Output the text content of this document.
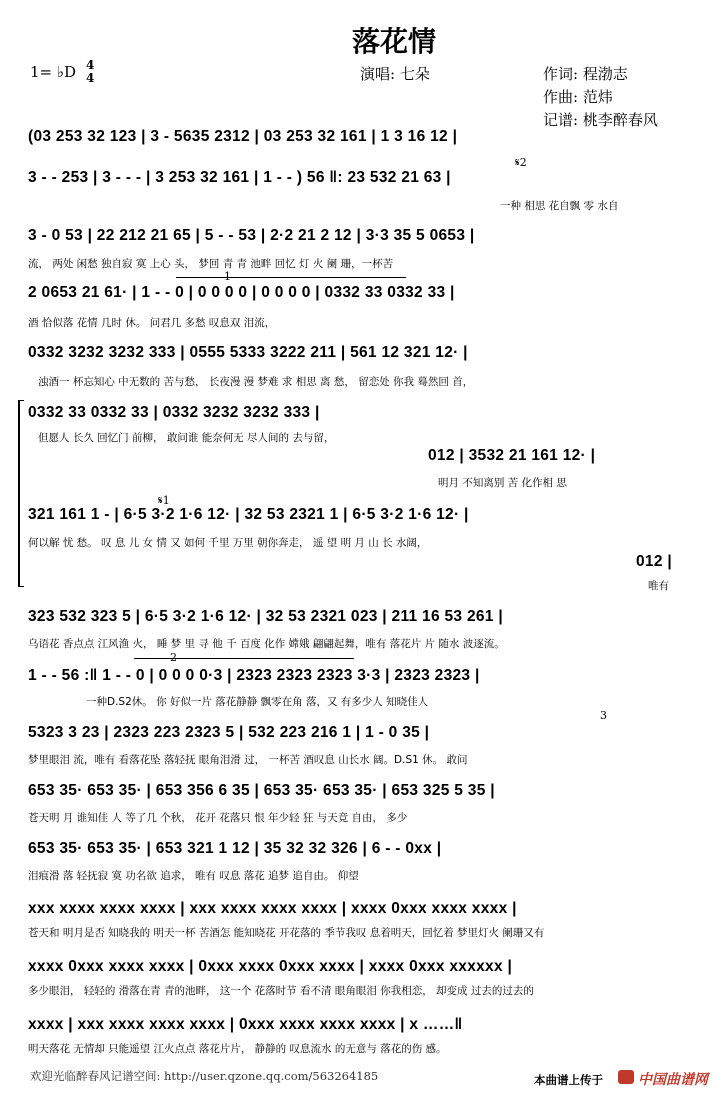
落花情
1= ♭D 4
4	演唱: 七朵	作词: 程渤志
作曲: 范炜
记谱: 桃李醉春风
𝄋2
𝄋1
1
2
3
(03 253 32 123 | 3 - 5635 2312 | 03 253 32 161 | 1 3 16 12 |
3 - - 253 | 3 - - - | 3 253 32 161 | 1 - - ) 56 ‖: 23 532 21 63 |
一种 相思 花自飘 零 水自
3 - 0 53 | 22 212 21 65 | 5 - - 53 | 2·2 21 2 12 | 3·3 35 5 0653 |
流， 两处 闲愁 独自寂 寞 上心 头， 梦回 青 青 池畔 回忆 灯 火 阑 珊，一杯苦
2 0653 21 61· | 1 - - 0 | 0 0 0 0 | 0 0 0 0 | 0332 33 0332 33 |
酒 恰似落 花情 几时 休。 问君几 多愁 叹息双 泪流，
0332 3232 3232 333 | 0555 5333 3222 211 | 561 12 321 12· |
浊酒一 杯忘知心 中无数的 苦与愁， 长夜漫 漫 梦难 求 相思 离 愁， 留恋处 你我 蓦然回 首，
0332 33 0332 33 | 0332 3232 3232 333 |
但愿人 长久 回忆门 前柳， 敢问谁 能奈何无 尽人间的 去与留，
012 | 3532 21 161 12· |
明月 不知离别 苦 化作相 思
321 161 1 - | 6·5 3·2 1·6 12· | 32 53 2321 1 | 6·5 3·2 1·6 12· |
何以解 忧 愁。 叹 息 儿 女 情 又 如何 千里 万里 朝你奔走， 遥 望 明 月 山 长 水阔，
012 |
唯有
323 532 323 5 | 6·5 3·2 1·6 12· | 32 53 2321 023 | 211 16 53 261 |
乌语花 香点点 江风渔 火， 睡 梦 里 寻 他 千 百度 化作 嫦娥 翩翩起舞，唯有 落花片 片 随水 波逐流。
1 - - 56 :‖ 1 - - 0 | 0 0 0 0·3 | 2323 2323 2323 3·3 | 2323 2323 |
一种D.S2休。 你 好似一片 落花静静 飘零在角 落，又 有多少人 知晓佳人
5323 3 23 | 2323 223 2323 5 | 532 223 216 1 | 1 - 0 35 |
梦里眼泪 流，唯有 看落花坠 落轻抚 眼角泪滑 过， 一杯苦 酒叹息 山长水 阔。D.S1 休。 敢问
653 35· 653 35· | 653 356 6 35 | 653 35· 653 35· | 653 325 5 35 |
苍天明 月 谁知佳 人 等了几 个秋， 花开 花落只 恨 年少轻 狂 与天竞 自由， 多少
653 35· 653 35· | 653 321 1 12 | 35 32 32 326 | 6 - - 0xx |
泪痕滑 落 轻抚寂 寞 功名欲 追求， 唯有 叹息 落花 追梦 追自由。 仰望
xxx xxxx xxxx xxxx | xxx xxxx xxxx xxxx | xxxx 0xxx xxxx xxxx |
苍天和 明月是否 知晓我的 明天一杯 苦酒怎 能知晓花 开花落的 季节我叹 息着明天，回忆着 梦里灯火 阑珊又有
xxxx 0xxx xxxx xxxx | 0xxx xxxx 0xxx xxxx | xxxx 0xxx xxxxxx |
多少眼泪， 轻轻的 滑落在青 青的池畔， 这一个 花落时节 看不清 眼角眼泪 你我相恋， 却变成 过去的过去的
xxxx | xxx xxxx xxxx xxxx | 0xxx xxxx xxxx xxxx | x ……‖
明天落花 无情却 只能遥望 江火点点 落花片片， 静静的 叹息流水 的无意与 落花的伤 感。
欢迎光临醉春风记谱空间: http://user.qzone.qq.com/563264185	本曲谱上传于	中国曲谱网
